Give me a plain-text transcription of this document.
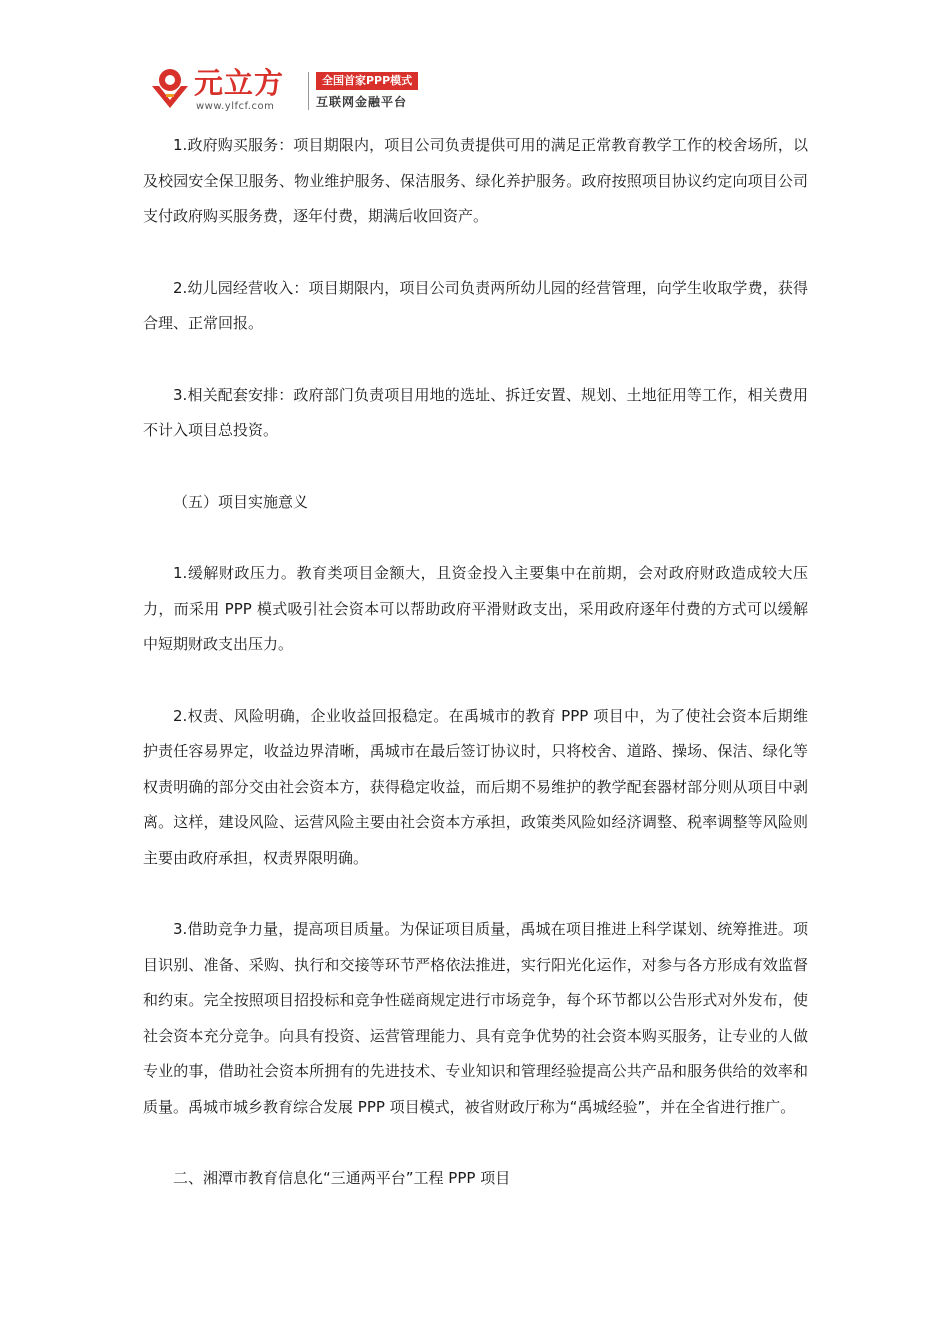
元立方
www.ylfcf.com
全国首家PPP模式
互联网金融平台

1.政府购买服务：项目期限内，项目公司负责提供可用的满足正常教育教学工作的校舍场所，以及校园安全保卫服务、物业维护服务、保洁服务、绿化养护服务。政府按照项目协议约定向项目公司支付政府购买服务费，逐年付费，期满后收回资产。

2.幼儿园经营收入：项目期限内，项目公司负责两所幼儿园的经营管理，向学生收取学费，获得合理、正常回报。

3.相关配套安排：政府部门负责项目用地的选址、拆迁安置、规划、土地征用等工作，相关费用不计入项目总投资。

（五）项目实施意义

1.缓解财政压力。教育类项目金额大，且资金投入主要集中在前期，会对政府财政造成较大压力，而采用 PPP 模式吸引社会资本可以帮助政府平滑财政支出，采用政府逐年付费的方式可以缓解中短期财政支出压力。

2.权责、风险明确，企业收益回报稳定。在禹城市的教育 PPP 项目中，为了使社会资本后期维护责任容易界定，收益边界清晰，禹城市在最后签订协议时，只将校舍、道路、操场、保洁、绿化等权责明确的部分交由社会资本方，获得稳定收益，而后期不易维护的教学配套器材部分则从项目中剥离。这样，建设风险、运营风险主要由社会资本方承担，政策类风险如经济调整、税率调整等风险则主要由政府承担，权责界限明确。

3.借助竞争力量，提高项目质量。为保证项目质量，禹城在项目推进上科学谋划、统筹推进。项目识别、准备、采购、执行和交接等环节严格依法推进，实行阳光化运作，对参与各方形成有效监督和约束。完全按照项目招投标和竞争性磋商规定进行市场竞争，每个环节都以公告形式对外发布，使社会资本充分竞争。向具有投资、运营管理能力、具有竞争优势的社会资本购买服务，让专业的人做专业的事，借助社会资本所拥有的先进技术、专业知识和管理经验提高公共产品和服务供给的效率和质量。禹城市城乡教育综合发展 PPP 项目模式，被省财政厅称为“禹城经验”，并在全省进行推广。

二、湘潭市教育信息化“三通两平台”工程 PPP 项目
